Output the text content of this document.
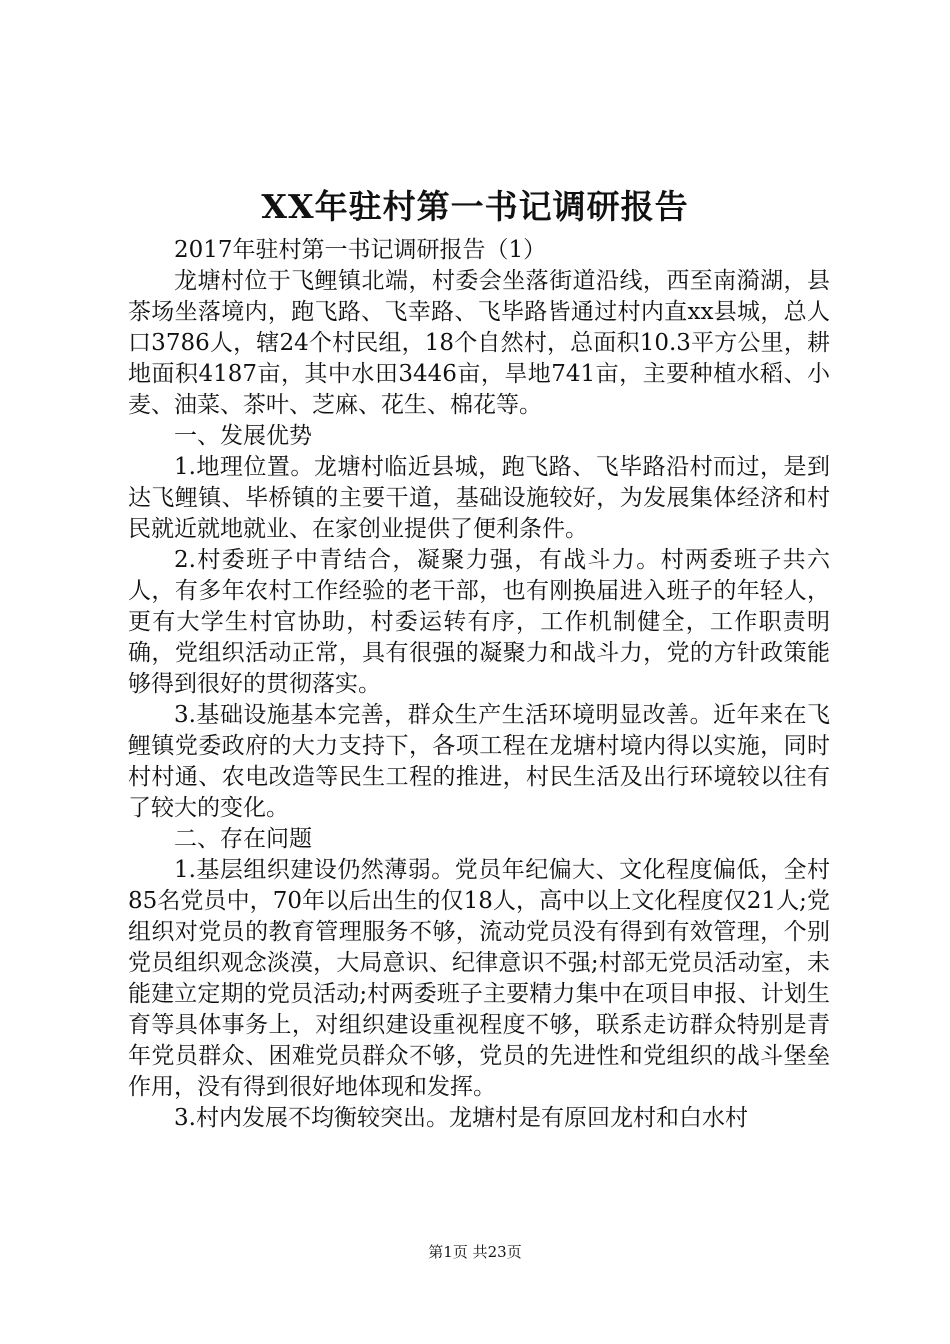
XX年驻村第一书记调研报告

2017年驻村第一书记调研报告（1）

龙塘村位于飞鲤镇北端，村委会坐落街道沿线，西至南漪湖，县茶场坐落境内，跑飞路、飞幸路、飞毕路皆通过村内直xx县城，总人口3786人，辖24个村民组，18个自然村，总面积10.3平方公里，耕地面积4187亩，其中水田3446亩，旱地741亩，主要种植水稻、小麦、油菜、茶叶、芝麻、花生、棉花等。

一、发展优势

1.地理位置。龙塘村临近县城，跑飞路、飞毕路沿村而过，是到达飞鲤镇、毕桥镇的主要干道，基础设施较好，为发展集体经济和村民就近就地就业、在家创业提供了便利条件。

2.村委班子中青结合，凝聚力强，有战斗力。村两委班子共六人，有多年农村工作经验的老干部，也有刚换届进入班子的年轻人，更有大学生村官协助，村委运转有序，工作机制健全，工作职责明确，党组织活动正常，具有很强的凝聚力和战斗力，党的方针政策能够得到很好的贯彻落实。

3.基础设施基本完善，群众生产生活环境明显改善。近年来在飞鲤镇党委政府的大力支持下，各项工程在龙塘村境内得以实施，同时村村通、农电改造等民生工程的推进，村民生活及出行环境较以往有了较大的变化。

二、存在问题

1.基层组织建设仍然薄弱。党员年纪偏大、文化程度偏低，全村85名党员中，70年以后出生的仅18人，高中以上文化程度仅21人;党组织对党员的教育管理服务不够，流动党员没有得到有效管理，个别党员组织观念淡漠，大局意识、纪律意识不强;村部无党员活动室，未能建立定期的党员活动;村两委班子主要精力集中在项目申报、计划生育等具体事务上，对组织建设重视程度不够，联系走访群众特别是青年党员群众、困难党员群众不够，党员的先进性和党组织的战斗堡垒作用，没有得到很好地体现和发挥。

3.村内发展不均衡较突出。龙塘村是有原回龙村和白水村

第1页 共23页
